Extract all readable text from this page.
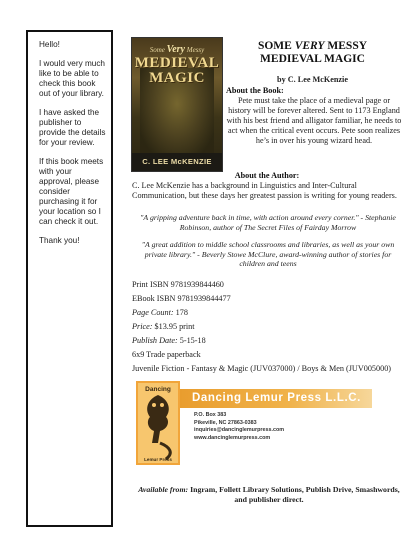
Hello!

I would very much like to be able to check this book out of your library.

I have asked the publisher to provide the details for your review.

If this book meets with your approval, please consider purchasing it for your location so I can check it out.

Thank you!

Some Very Messy
MEDIEVAL
MAGIC
C. LEE McKENZIE
SOME VERY MESSY
MEDIEVAL MAGIC
by C. Lee McKenzie
About the Book:
Pete must take the place of a medieval page or history will be forever altered. Sent to 1173 England with his best friend and alligator familiar, he needs to act when the critical event occurs. Pete soon realizes he’s in over his young wizard head.
About the Author:
C. Lee McKenzie has a background in Linguistics and Inter-Cultural Communication, but these days her greatest passion is writing for young readers.
"A gripping adventure back in time, with action around every corner." - Stephanie Robinson, author of The Secret Files of Fairday Morrow
"A great addition to middle school classrooms and libraries, as well as your own private library." - Beverly Stowe McClure, award-winning author of stories for children and teens
Print ISBN 9781939844460
EBook ISBN 9781939844477
Page Count: 178
Price: $13.95 print
Publish Date: 5-15-18
6x9 Trade paperback
Juvenile Fiction - Fantasy & Magic (JUV037000) / Boys & Men (JUV005000)
Dancing Lemur Press L.L.C.
Dancing
Lemur Press
P.O. Box 383
Pikeville, NC 27863-0383
inquiries@dancinglemurpress.com
www.dancinglemurpress.com
Available from: Ingram, Follett Library Solutions, Publish Drive, Smashwords, and publisher direct.
